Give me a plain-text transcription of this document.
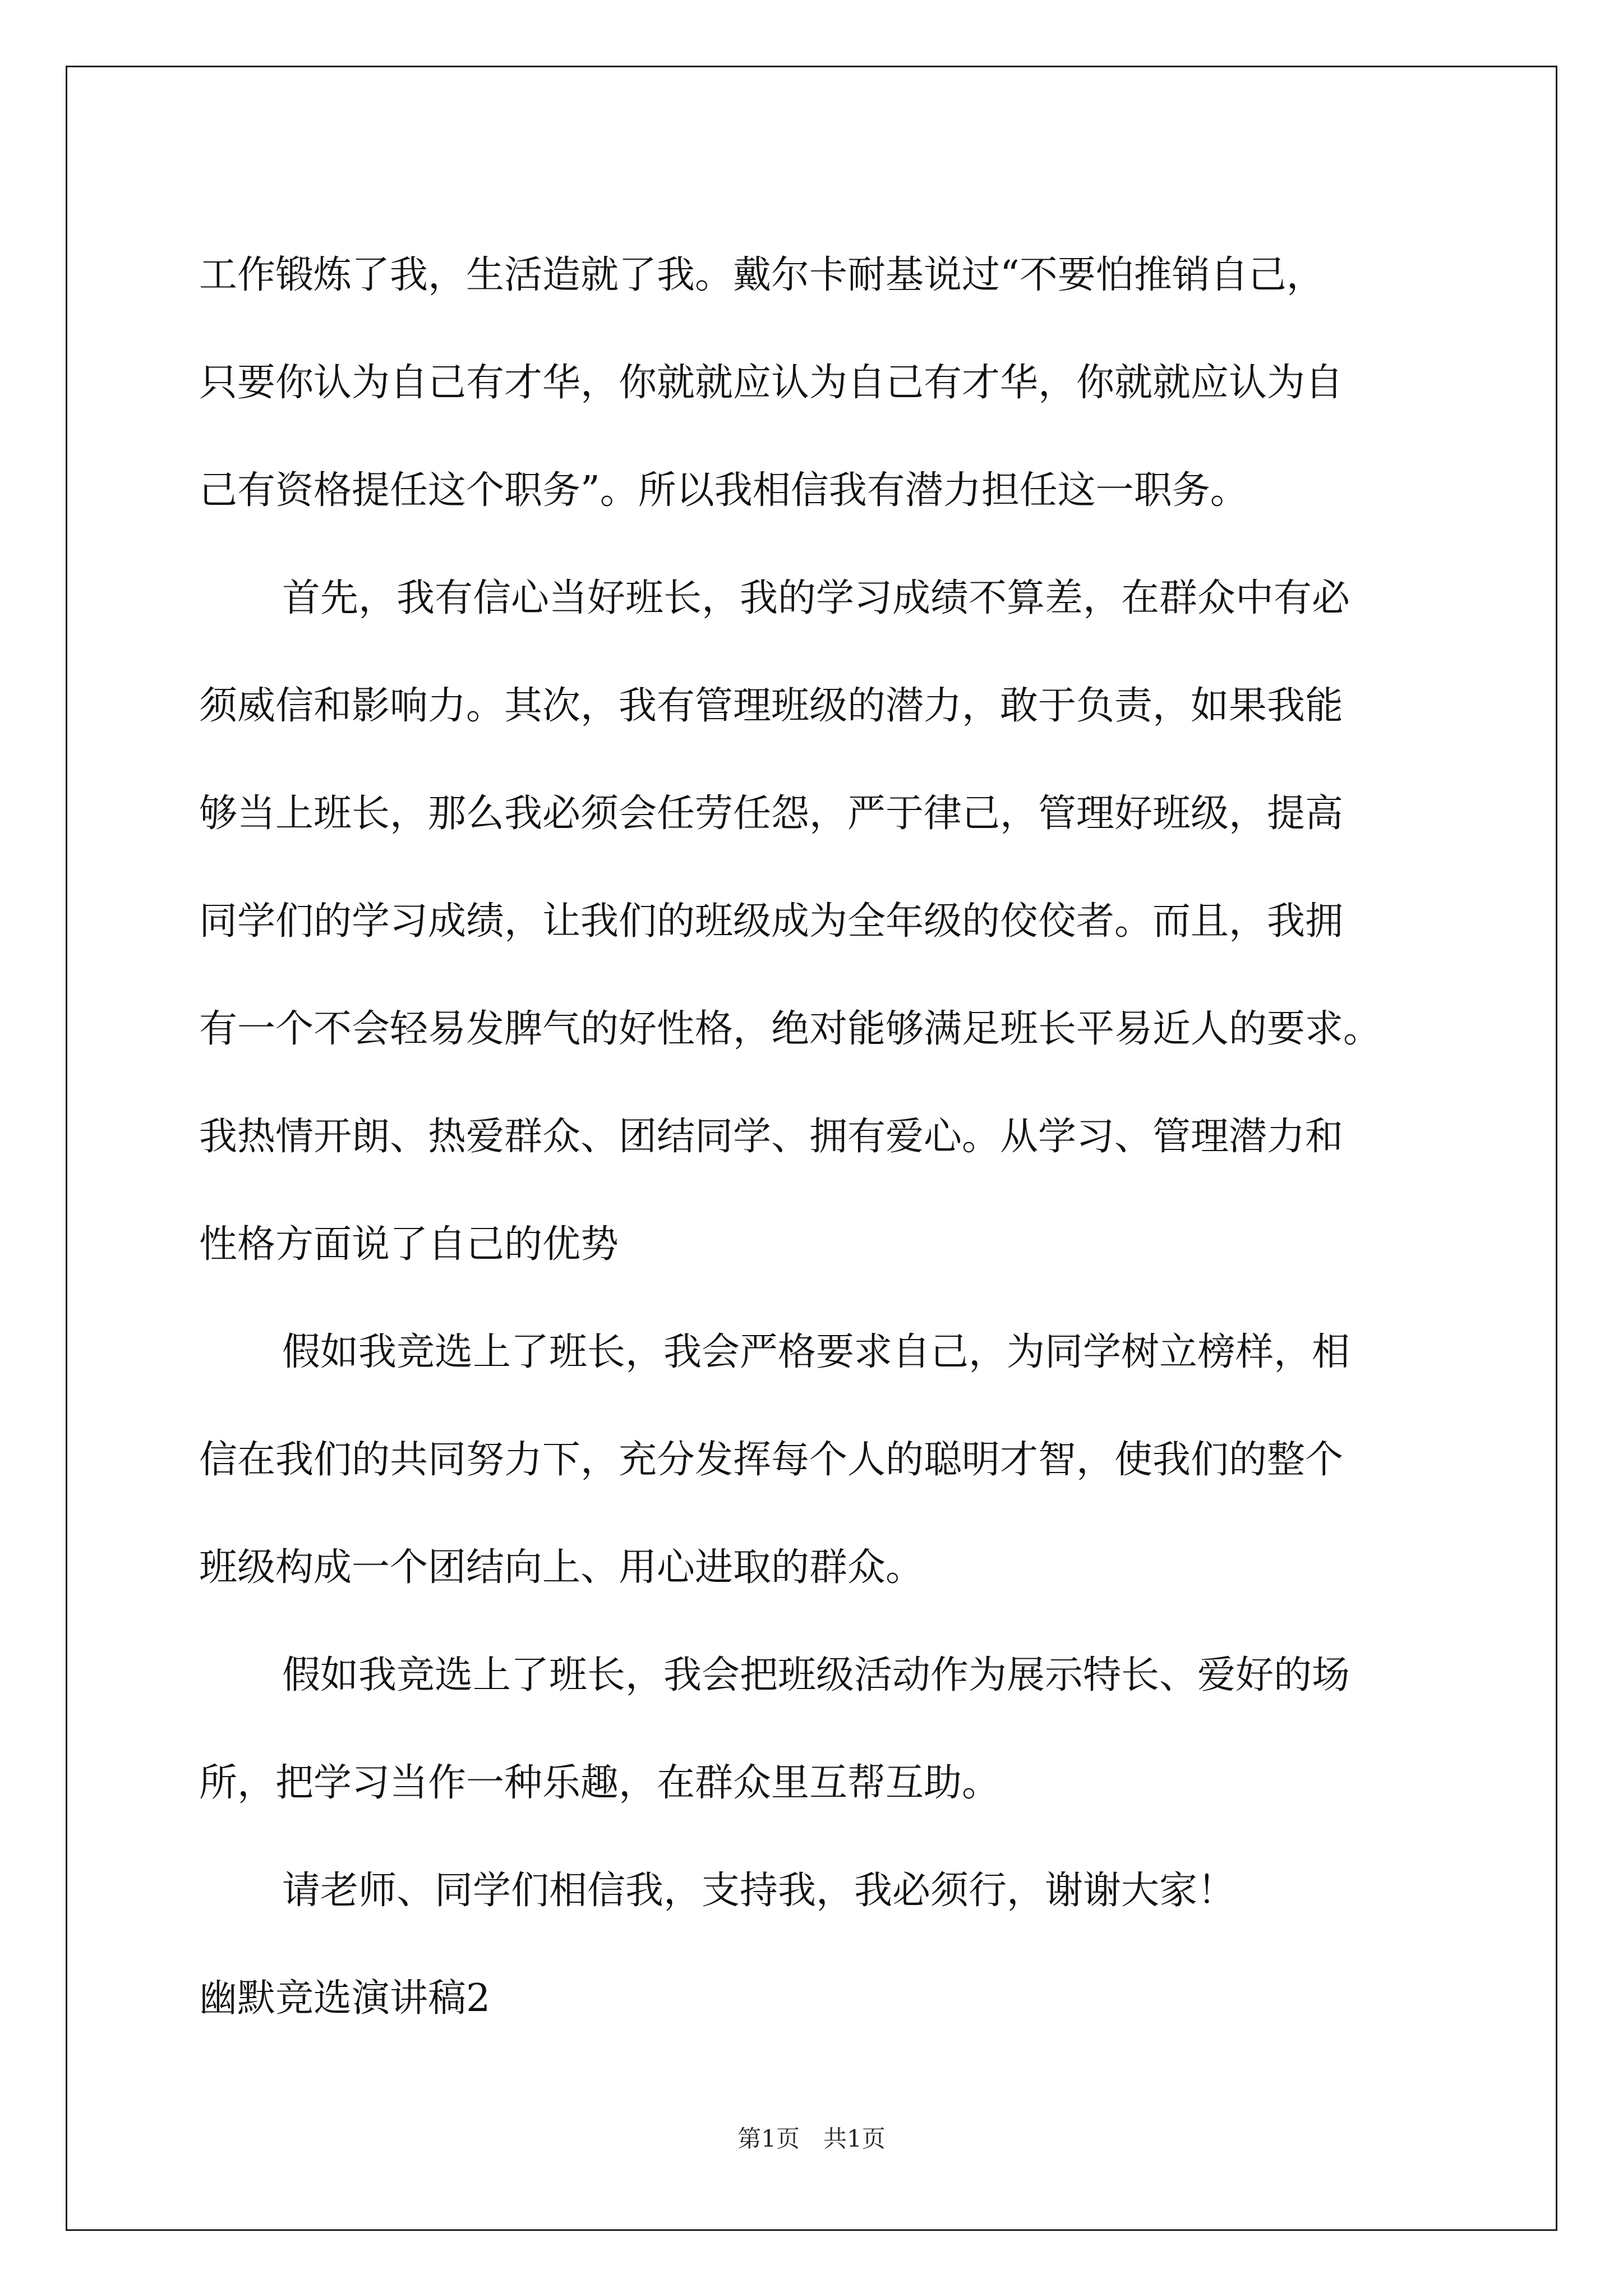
工作锻炼了我，生活造就了我。戴尔卡耐基说过“不要怕推销自己，
只要你认为自己有才华，你就就应认为自己有才华，你就就应认为自
己有资格提任这个职务”。所以我相信我有潜力担任这一职务。
首先，我有信心当好班长，我的学习成绩不算差，在群众中有必
须威信和影响力。其次，我有管理班级的潜力，敢于负责，如果我能
够当上班长，那么我必须会任劳任怨，严于律己，管理好班级，提高
同学们的学习成绩，让我们的班级成为全年级的佼佼者。而且，我拥
有一个不会轻易发脾气的好性格，绝对能够满足班长平易近人的要求。
我热情开朗、热爱群众、团结同学、拥有爱心。从学习、管理潜力和
性格方面说了自己的优势
假如我竞选上了班长，我会严格要求自己，为同学树立榜样，相
信在我们的共同努力下，充分发挥每个人的聪明才智，使我们的整个
班级构成一个团结向上、用心进取的群众。
假如我竞选上了班长，我会把班级活动作为展示特长、爱好的场
所，把学习当作一种乐趣，在群众里互帮互助。
请老师、同学们相信我，支持我，我必须行，谢谢大家！
幽默竞选演讲稿2
第1页　共1页
